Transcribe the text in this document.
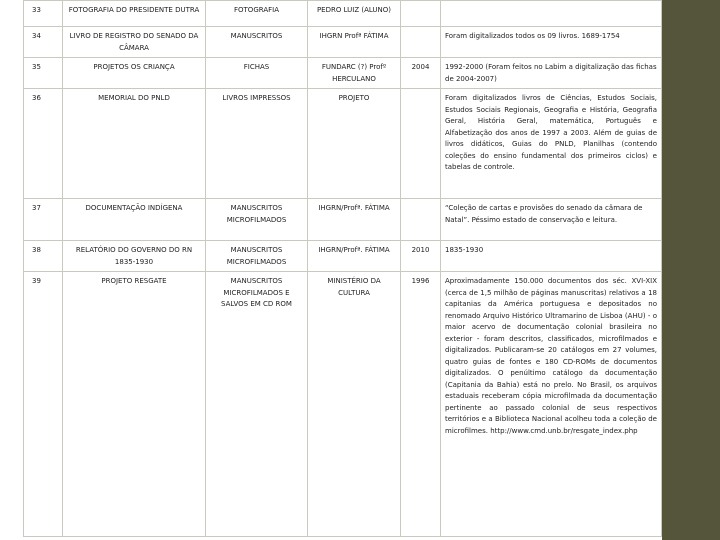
33	FOTOGRAFIA DO PRESIDENTE DUTRA	FOTOGRAFIA	PEDRO LUIZ (ALUNO)		
34	LIVRO DE REGISTRO DO SENADO DA CÂMARA	MANUSCRITOS	IHGRN Profª FÁTIMA		Foram digitalizados todos os 09 livros. 1689-1754
35	PROJETOS OS CRIANÇA	FICHAS	FUNDARC (?) Profº HERCULANO	2004	1992-2000 (Foram feitos no Labim a digitalização das fichas de 2004-2007)
36	MEMORIAL DO PNLD	LIVROS IMPRESSOS	PROJETO		Foram digitalizados livros de Ciências, Estudos Sociais, Estudos Sociais Regionais, Geografia e História, Geografia Geral, História Geral, matemática, Português e Alfabetização dos anos de 1997 a 2003. Além de guias de livros didáticos, Guias do PNLD, Planilhas (contendo coleções do ensino fundamental dos primeiros ciclos) e tabelas de controle.
37	DOCUMENTAÇÃO INDÍGENA	MANUSCRITOS MICROFILMADOS	IHGRN/Profª. FÁTIMA		“Coleção de cartas e provisões do senado da câmara de Natal”. Péssimo estado de conservação e leitura.
38	RELATÓRIO DO GOVERNO DO RN 1835-1930	MANUSCRITOS MICROFILMADOS	IHGRN/Profª. FÁTIMA	2010	1835-1930
39	PROJETO RESGATE	MANUSCRITOS MICROFILMADOS E SALVOS EM CD ROM	MINISTÉRIO DA CULTURA	1996	Aproximadamente 150.000 documentos dos séc. XVI-XIX (cerca de 1,5 milhão de páginas manuscritas) relativos a 18 capitanias da América portuguesa e depositados no renomado Arquivo Histórico Ultramarino de Lisboa (AHU) - o maior acervo de documentação colonial brasileira no exterior - foram descritos, classificados, microfilmados e digitalizados. Publicaram-se 20 catálogos em 27 volumes, quatro guias de fontes e 180 CD-ROMs de documentos digitalizados. O penúltimo catálogo da documentação (Capitania da Bahia) está no prelo. No Brasil, os arquivos estaduais receberam cópia microfilmada da documentação pertinente ao passado colonial de seus respectivos territórios e a Biblioteca Nacional acolheu toda a coleção de microfilmes. http://www.cmd.unb.br/resgate_index.php
